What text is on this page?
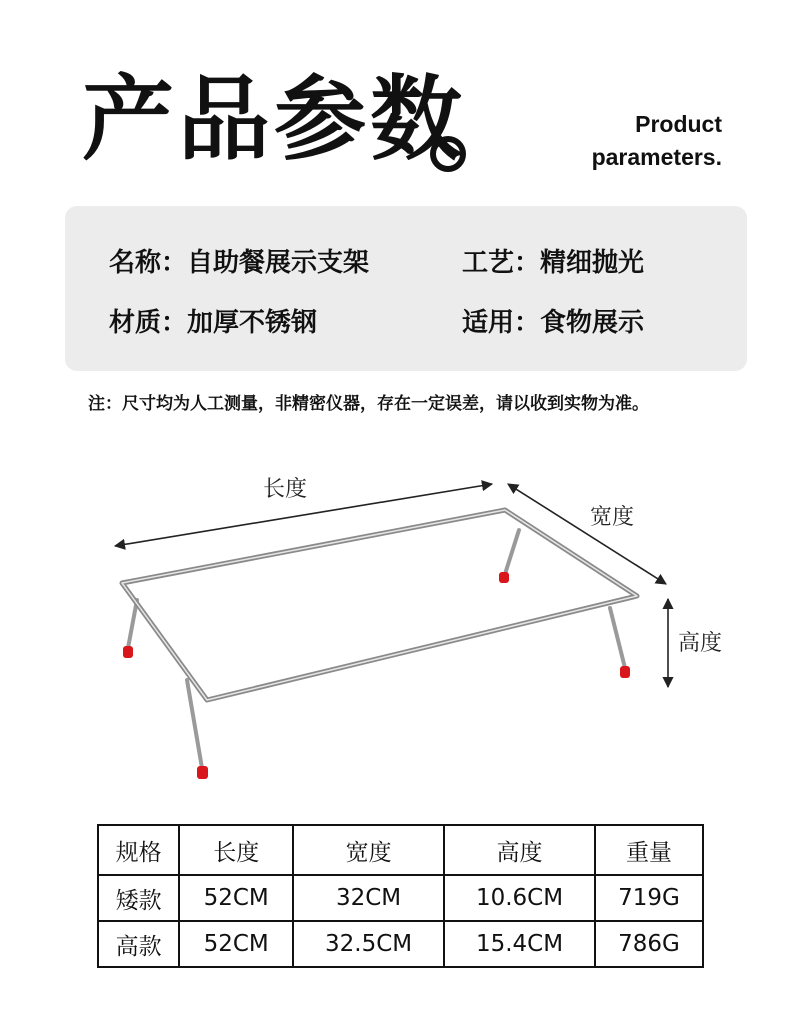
产品参数	Product
parameters.
名称：自助餐展示支架	工艺：精细抛光
材质：加厚不锈钢	适用：食物展示
注：尺寸均为人工测量，非精密仪器，存在一定误差，请以收到实物为准。
长度
宽度
高度
规格	长度	宽度	高度	重量
矮款	52CM	32CM	10.6CM	719G
高款	52CM	32.5CM	15.4CM	786G
